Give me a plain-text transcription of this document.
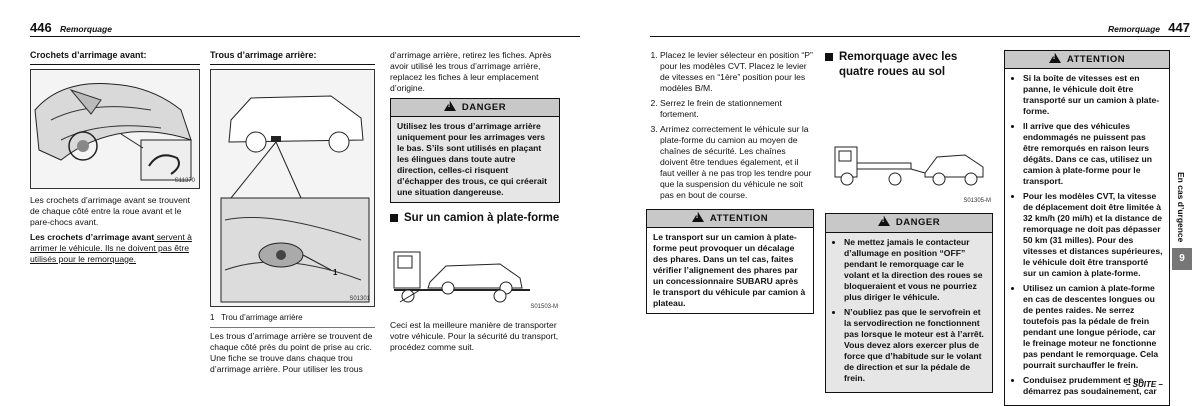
446 Remorquage
Crochets d’arrimage avant:
S11370

Les crochets d’arrimage avant se trouvent de chaque côté entre la roue avant et le pare-chocs avant.

Les crochets d’arrimage avant servent à arrimer le véhicule. Ils ne doivent pas être utilisés pour le remorquage.

Trous d’arrimage arrière:
1
S01301

1 Trou d’arrimage arrière

Les trous d’arrimage arrière se trouvent de chaque côté près du point de prise au cric. Une fiche se trouve dans chaque trou d’arrimage arrière. Pour utiliser les trous

d’arrimage arrière, retirez les fiches. Après avoir utilisé les trous d’arrimage arrière, replacez les fiches à leur emplacement d’origine.

!DANGER
Utilisez les trous d’arrimage arrière uniquement pour les arrimages vers le bas. S’ils sont utilisés en plaçant les élingues dans toute autre direction, celles-ci risquent d’échapper des trous, ce qui créerait une situation dangereuse.
Sur un camion à plate-forme
S01503-M

Ceci est la meilleure manière de transporter votre véhicule. Pour la sécurité du transport, procédez comme suit.

Remorquage 447
1. Placez le levier sélecteur en position “P” pour les modèles CVT. Placez le levier de vitesses en “1ère” position pour les modèles B/M.
2. Serrez le frein de stationnement fortement.
3. Arrimez correctement le véhicule sur la plate-forme du camion au moyen de chaînes de sécurité. Les chaînes doivent être tendues également, et il faut veiller à ne pas trop les tendre pour que la suspension du véhicule ne soit pas en bout de course.
!ATTENTION
Le transport sur un camion à plate-forme peut provoquer un décalage des phares. Dans un tel cas, faites vérifier l’alignement des phares par un concessionnaire SUBARU après le transport du véhicule par camion à plateau.
Remorquage avec les quatre roues au sol
S01305-M
!DANGER
• Ne mettez jamais le contacteur d’allumage en position “OFF” pendant le remorquage car le volant et la direction des roues se bloqueraient et vous ne pourriez plus diriger le véhicule.
• N’oubliez pas que le servofrein et la servodirection ne fonctionnent pas lorsque le moteur est à l’arrêt. Vous devez alors exercer plus de force que d’habitude sur le volant de direction et sur la pédale de frein.
!ATTENTION
• Si la boîte de vitesses est en panne, le véhicule doit être transporté sur un camion à plate-forme.
• Il arrive que des véhicules endommagés ne puissent pas être remorqués en raison leurs dégâts. Dans ce cas, utilisez un camion à plate-forme pour le transport.
• Pour les modèles CVT, la vitesse de déplacement doit être limitée à 32 km/h (20 mi/h) et la distance de remorquage ne doit pas dépasser 50 km (31 milles). Pour des vitesses et distances supérieures, le véhicule doit être transporté sur un camion à plate-forme.
• Utilisez un camion à plate-forme en cas de descentes longues ou de pentes raides. Ne serrez toutefois pas la pédale de frein pendant une longue période, car le freinage moteur ne fonctionne pas pendant le remorquage. Cela pourrait surchauffer le frein.
• Conduisez prudemment et ne démarrez pas soudainement, car
En cas d’urgence
9
– SUITE –
